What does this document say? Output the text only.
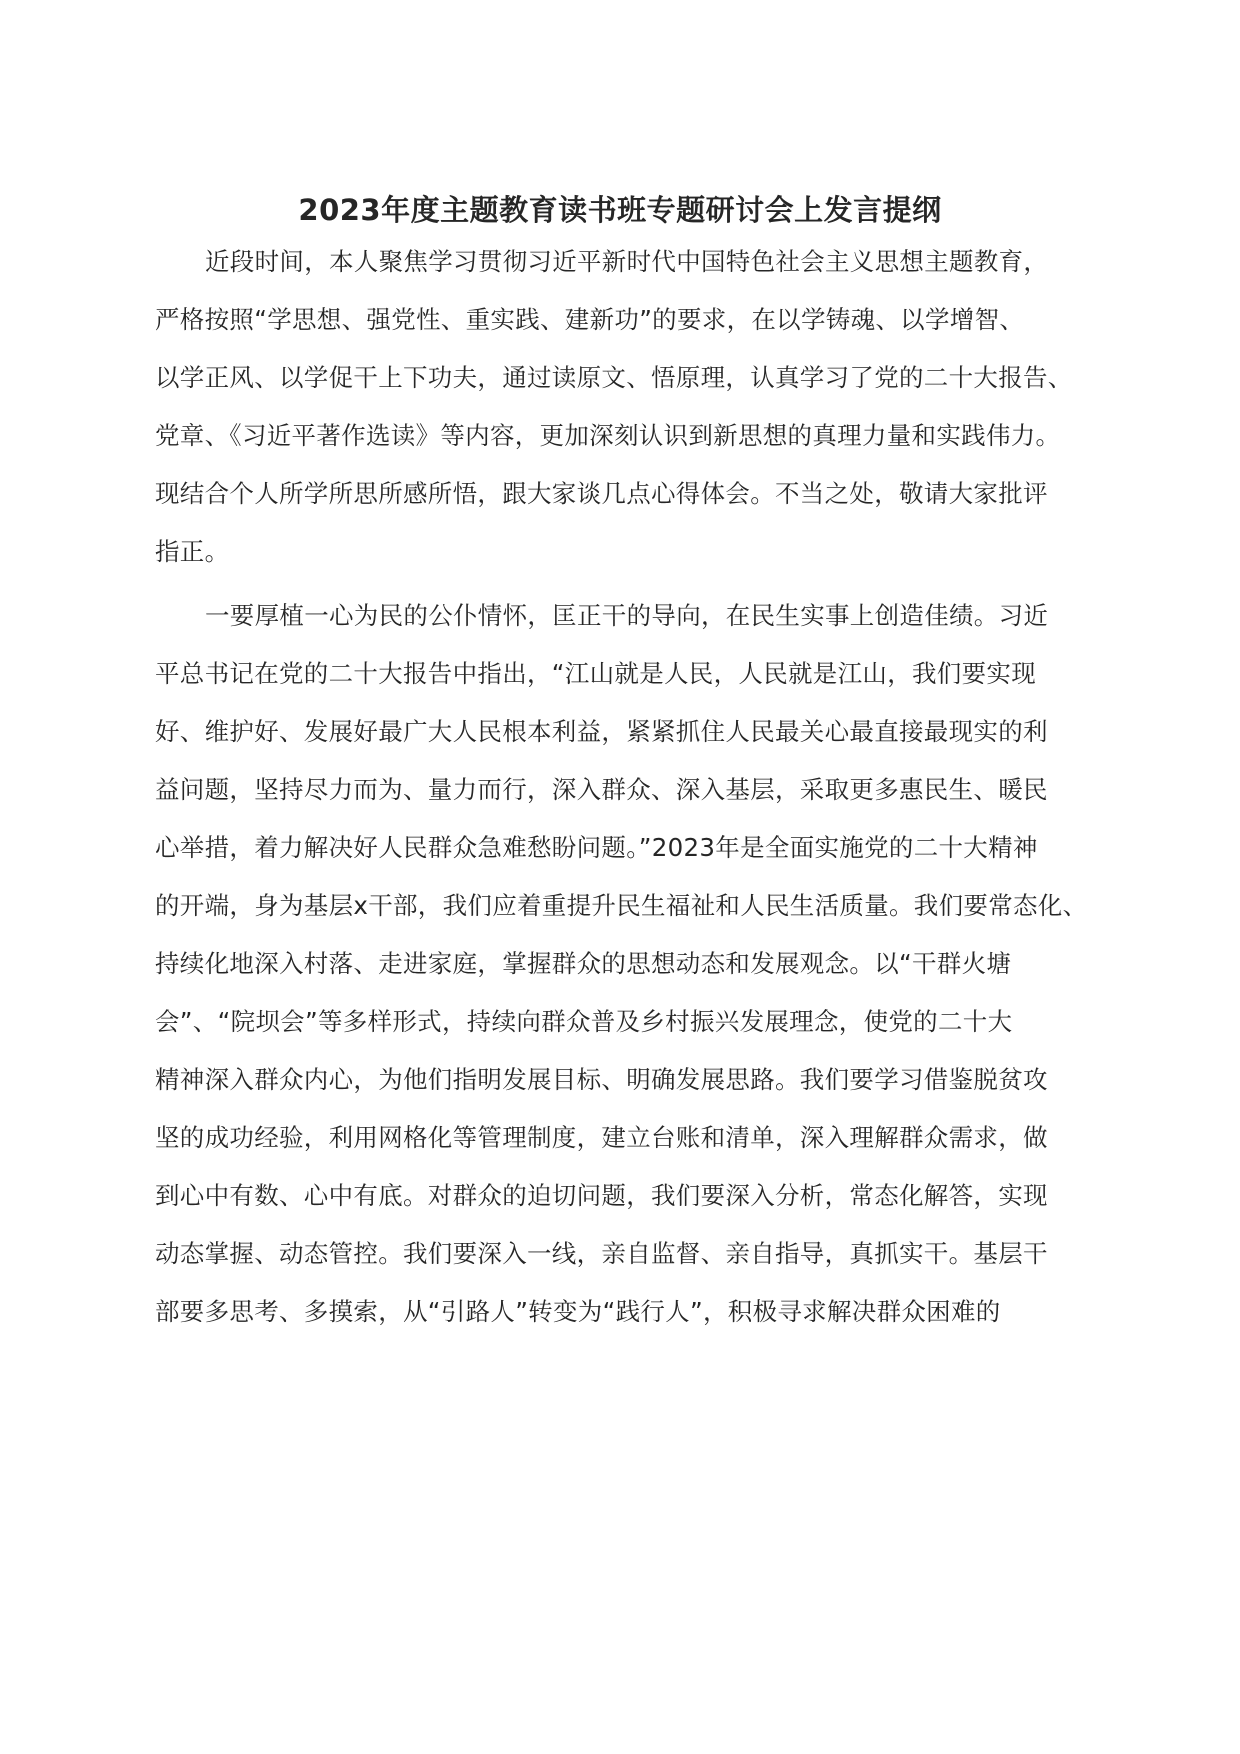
2023年度主题教育读书班专题研讨会上发言提纲

近段时间，本人聚焦学习贯彻习近平新时代中国特色社会主义思想主题教育，

严格按照“学思想、强党性、重实践、建新功”的要求，在以学铸魂、以学增智、

以学正风、以学促干上下功夫，通过读原文、悟原理，认真学习了党的二十大报告、

党章、《习近平著作选读》等内容，更加深刻认识到新思想的真理力量和实践伟力。

现结合个人所学所思所感所悟，跟大家谈几点心得体会。不当之处，敬请大家批评

指正。

一要厚植一心为民的公仆情怀，匡正干的导向，在民生实事上创造佳绩。习近

平总书记在党的二十大报告中指出，“江山就是人民，人民就是江山，我们要实现

好、维护好、发展好最广大人民根本利益，紧紧抓住人民最关心最直接最现实的利

益问题，坚持尽力而为、量力而行，深入群众、深入基层，采取更多惠民生、暖民

心举措，着力解决好人民群众急难愁盼问题。”2023年是全面实施党的二十大精神

的开端，身为基层x干部，我们应着重提升民生福祉和人民生活质量。我们要常态化、

持续化地深入村落、走进家庭，掌握群众的思想动态和发展观念。以“干群火塘

会”、“院坝会”等多样形式，持续向群众普及乡村振兴发展理念，使党的二十大

精神深入群众内心，为他们指明发展目标、明确发展思路。我们要学习借鉴脱贫攻

坚的成功经验，利用网格化等管理制度，建立台账和清单，深入理解群众需求，做

到心中有数、心中有底。对群众的迫切问题，我们要深入分析，常态化解答，实现

动态掌握、动态管控。我们要深入一线，亲自监督、亲自指导，真抓实干。基层干

部要多思考、多摸索，从“引路人”转变为“践行人”，积极寻求解决群众困难的
